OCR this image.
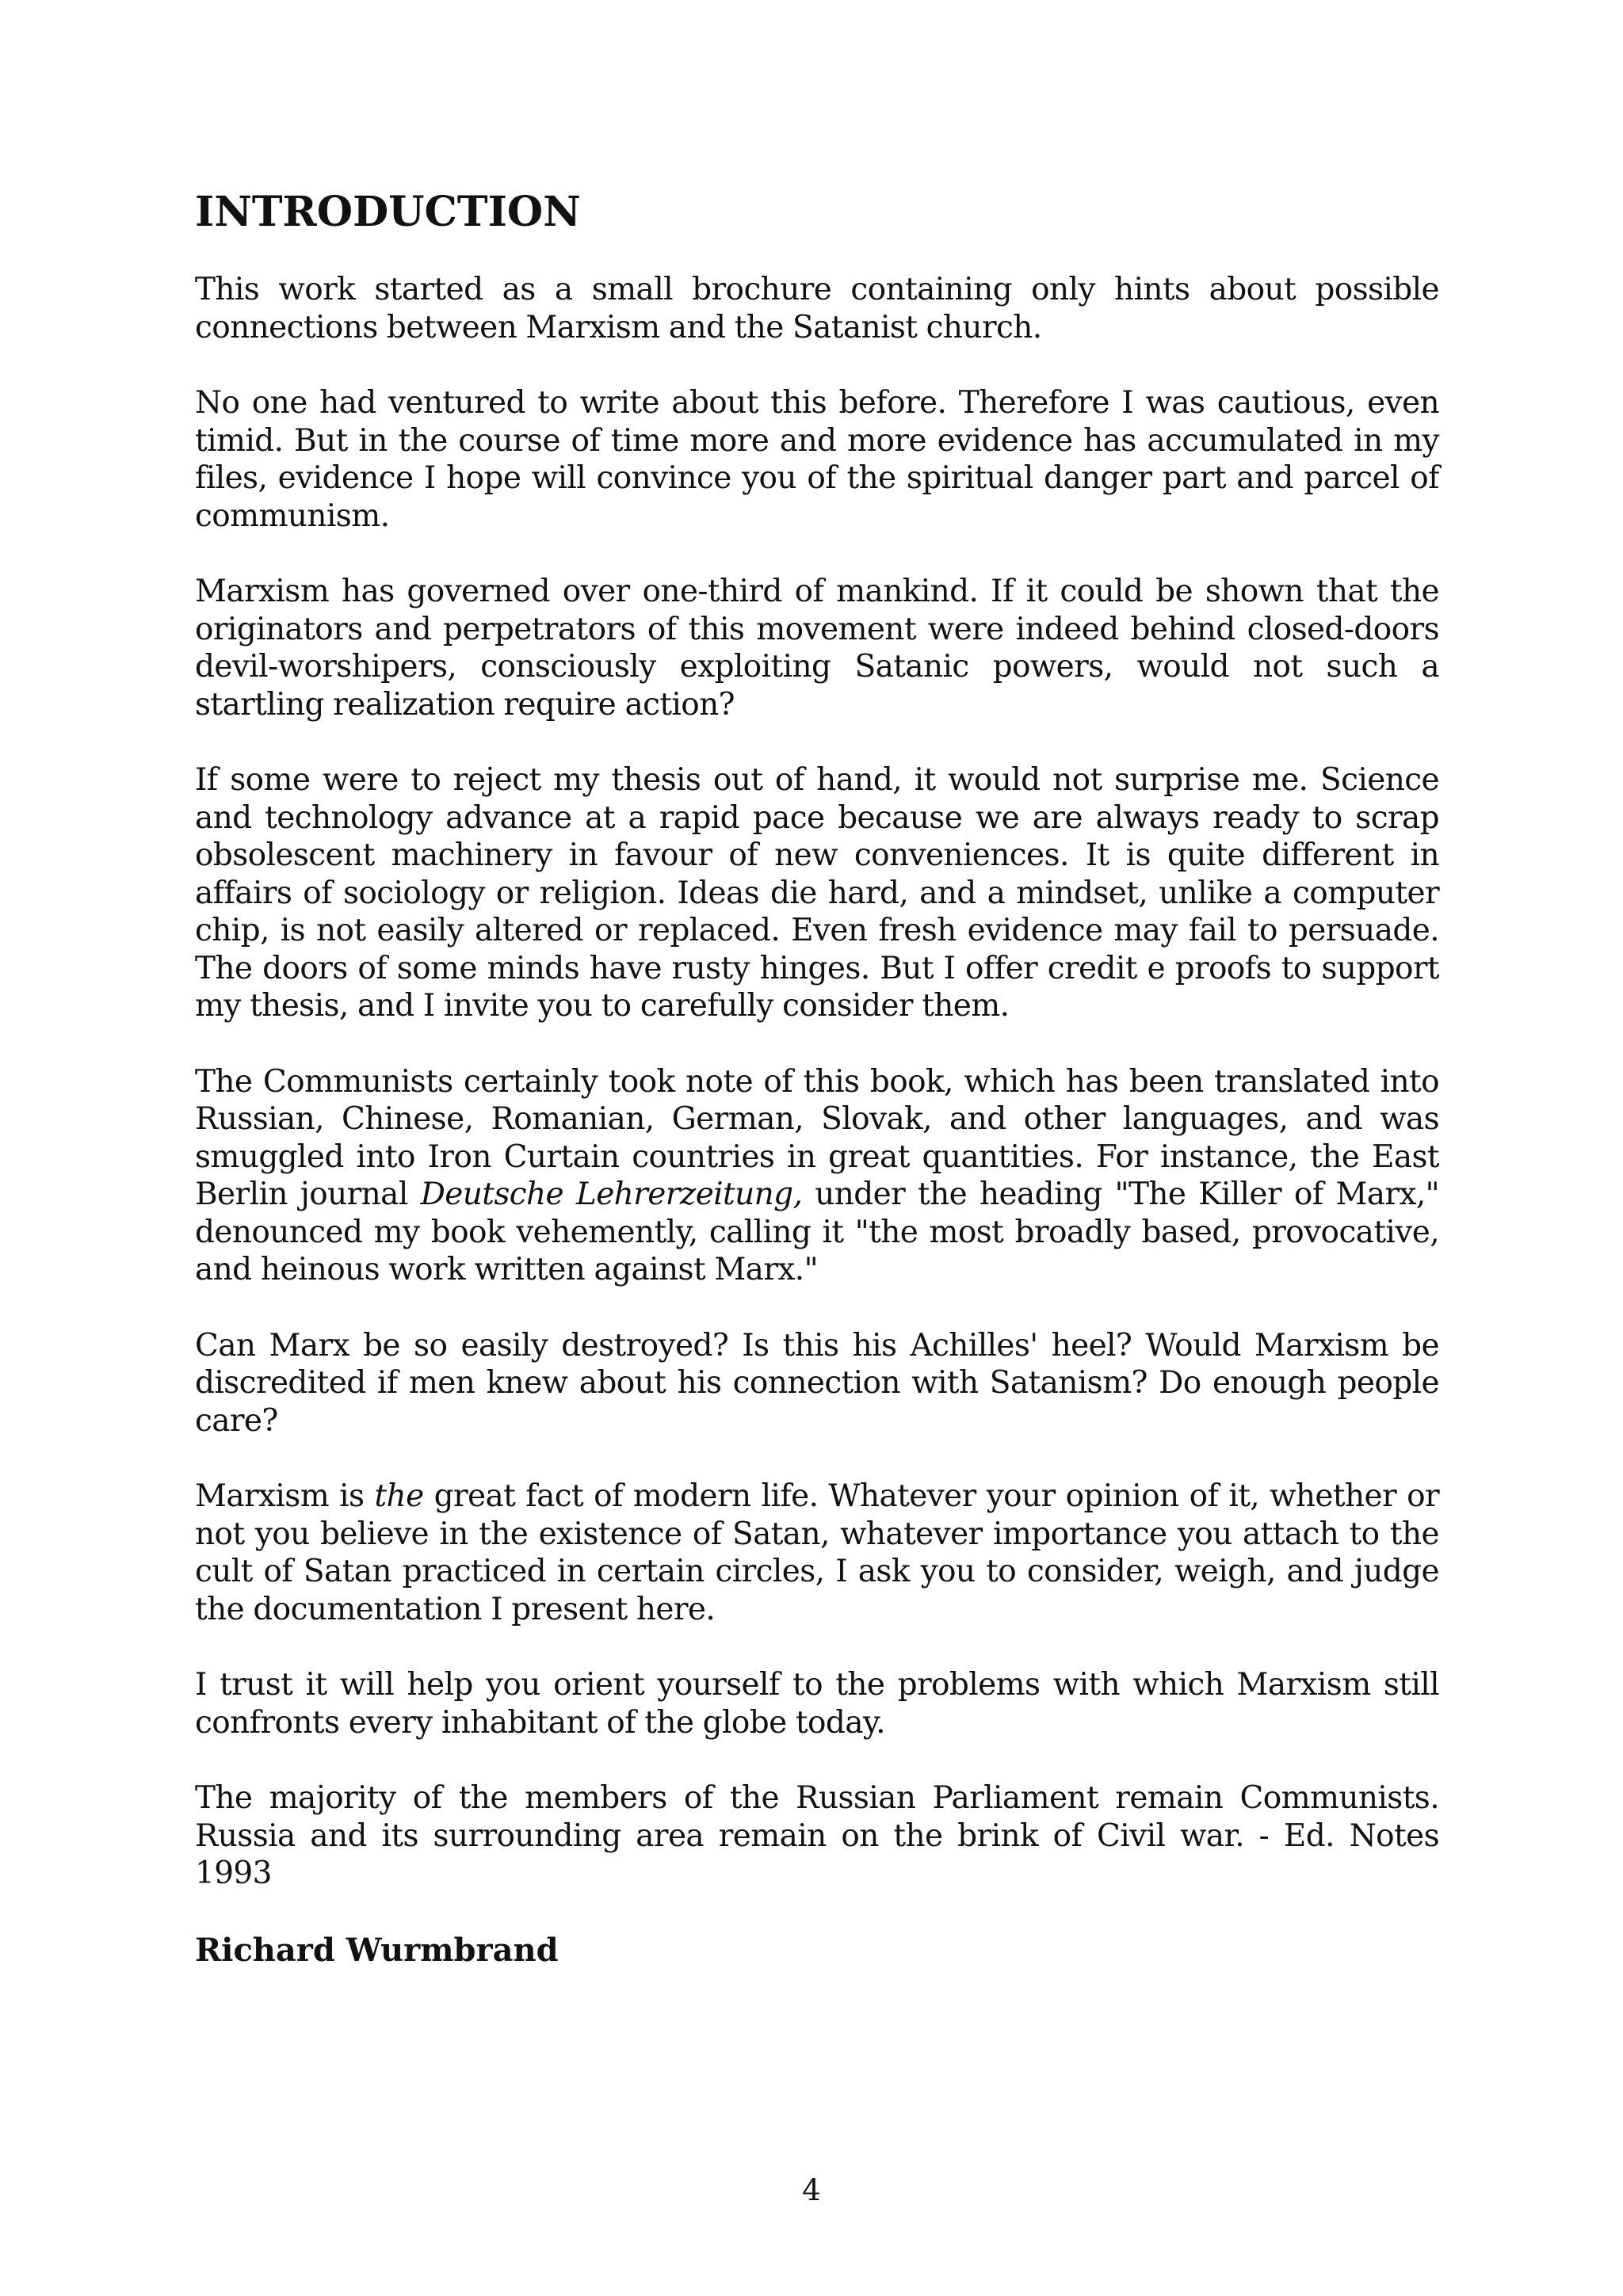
INTRODUCTION

This work started as a small brochure containing only hints about possible connections between Marxism and the Satanist church.

No one had ventured to write about this before. Therefore I was cautious, even timid. But in the course of time more and more evidence has accumulated in my files, evidence I hope will convince you of the spiritual danger part and parcel of communism.

Marxism has governed over one-third of mankind. If it could be shown that the originators and perpetrators of this movement were indeed behind closed-doors devil-worshipers, consciously exploiting Satanic powers, would not such a startling realization require action?

If some were to reject my thesis out of hand, it would not surprise me. Science and technology advance at a rapid pace because we are always ready to scrap obsolescent machinery in favour of new conveniences. It is quite different in affairs of sociology or religion. Ideas die hard, and a mindset, unlike a computer chip, is not easily altered or replaced. Even fresh evidence may fail to persuade. The doors of some minds have rusty hinges. But I offer credit e proofs to support my thesis, and I invite you to carefully consider them.

The Communists certainly took note of this book, which has been translated into Russian, Chinese, Romanian, German, Slovak, and other languages, and was smuggled into Iron Curtain countries in great quantities. For instance, the East Berlin journal Deutsche Lehrerzeitung, under the heading "The Killer of Marx," denounced my book vehemently, calling it "the most broadly based, provocative, and heinous work written against Marx."

Can Marx be so easily destroyed? Is this his Achilles' heel? Would Marxism be discredited if men knew about his connection with Satanism? Do enough people care?

Marxism is the great fact of modern life. Whatever your opinion of it, whether or not you believe in the existence of Satan, whatever importance you attach to the cult of Satan practiced in certain circles, I ask you to consider, weigh, and judge the documentation I present here.

I trust it will help you orient yourself to the problems with which Marxism still confronts every inhabitant of the globe today.

The majority of the members of the Russian Parliament remain Communists. Russia and its surrounding area remain on the brink of Civil war. - Ed. Notes 1993

Richard Wurmbrand

4
